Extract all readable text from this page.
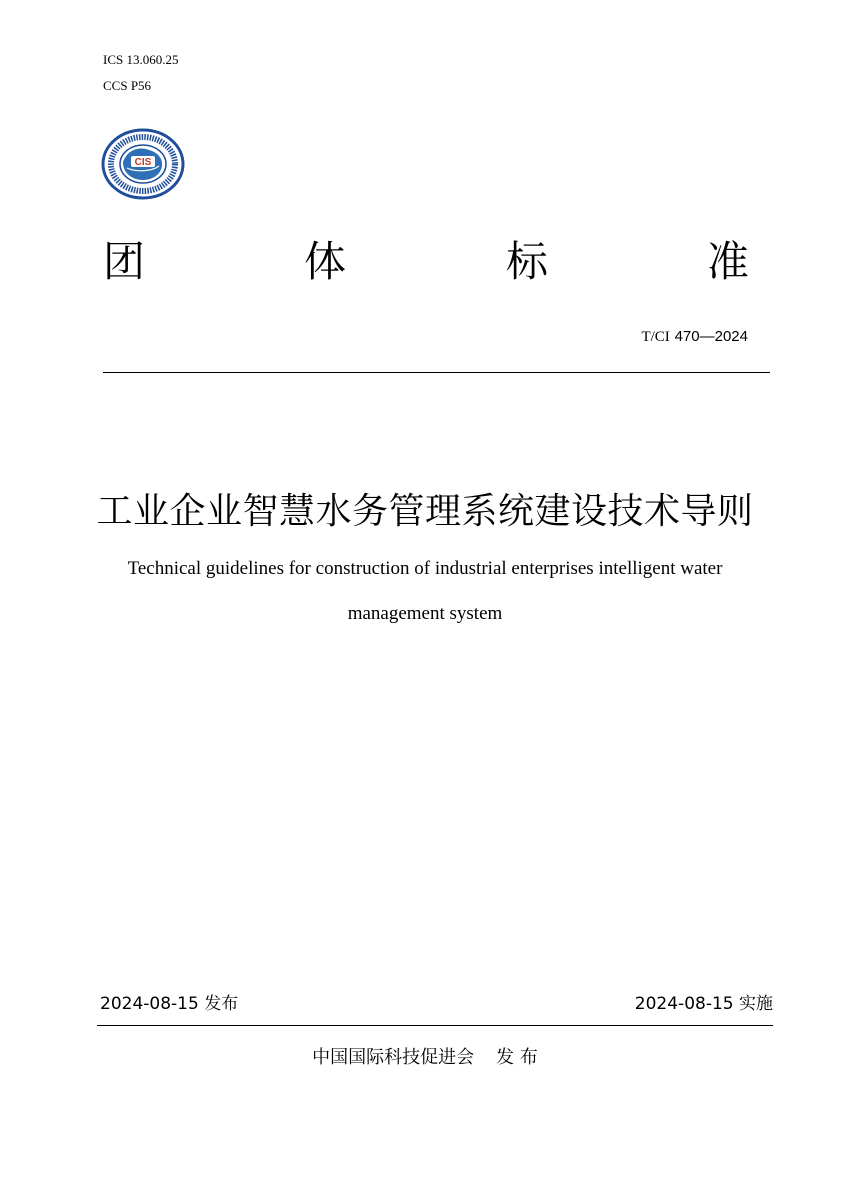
ICS 13.060.25
CCS P56
CIS
团	体	标	准
T/CI 470—2024
工业企业智慧水务管理系统建设技术导则
Technical guidelines for construction of industrial enterprises intelligent water
management system
2024-08-15 发布	2024-08-15 实施
中国国际科技促进会 发 布
